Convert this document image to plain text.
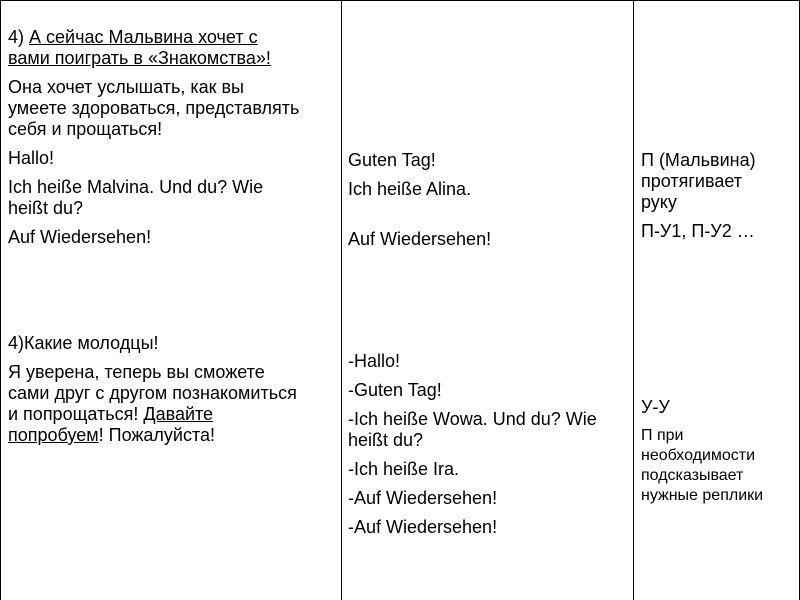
4) А сейчас Мальвина хочет с
вами поиграть в «Знакомства»!

Она хочет услышать, как вы
умеете здороваться, представлять
себя и прощаться!

Hallo!

Ich heiße Malvina. Und du? Wie
heißt du?

Auf Wiedersehen!

4)Какие молодцы!

Я уверена, теперь вы сможете
сами друг с другом познакомиться
и попрощаться! Давайте
попробуем! Пожалуйста!

Guten Tag!

Ich heiße Alina.

Auf Wiedersehen!

-Hallo!

-Guten Tag!

-Ich heiße Wowa. Und du? Wie
heißt du?

-Ich heiße Ira.

-Auf Wiedersehen!

-Auf Wiedersehen!

П (Мальвина)
протягивает
руку

П-У1, П-У2 …

У-У

П при
необходимости
подсказывает
нужные реплики
